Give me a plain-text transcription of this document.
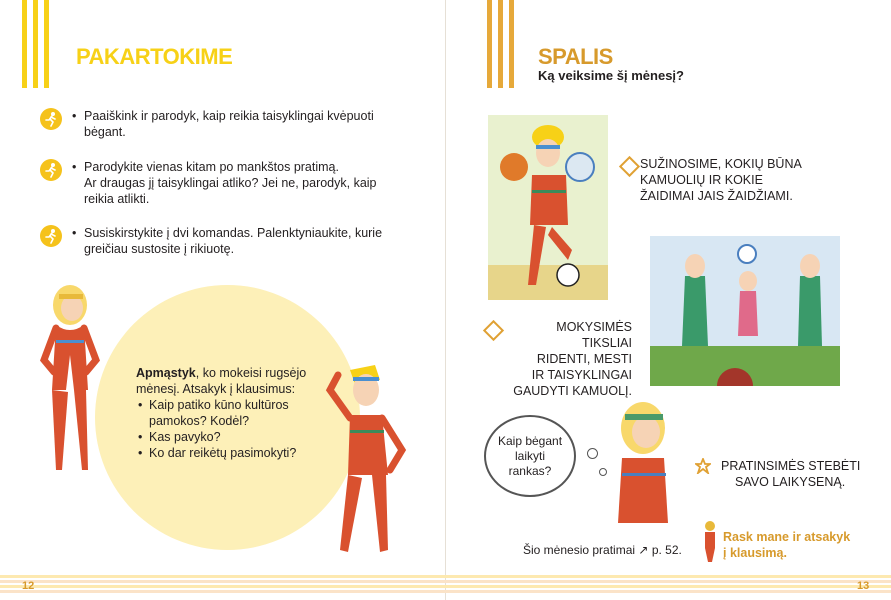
PAKARTOKIME
• Paaiškink ir parodyk, kaip reikia taisyklingai kvėpuoti
bėgant.
• Parodykite vienas kitam po mankštos pratimą.
Ar draugas jį taisyklingai atliko? Jei ne, parodyk, kaip
reikia atlikti.
• Susiskirstykite į dvi komandas. Palenktyniaukite, kurie
greičiau sustosite į rikiuotę.
Apmąstyk, ko mokeisi rugsėjo
mėnesį. Atsakyk į klausimus:
• Kaip patiko kūno kultūros pamokos? Kodėl?
• Kas pavyko?
• Ko dar reikėtų pasimokyti?
SPALIS
Ką veiksime šį mėnesį?
SUŽINOSIME, KOKIŲ BŪNA
KAMUOLIŲ IR KOKIE
ŽAIDIMAI JAIS ŽAIDŽIAMI.
MOKYSIMĖS TIKSLIAI
RIDENTI, MESTI
IR TAISYKLINGAI
GAUDYTI KAMUOLĮ.
Kaip bėgant
laikyti
rankas?	PRATINSIMĖS STEBĖTI
SAVO LAIKYSENĄ.
Šio mėnesio pratimai ↗ p. 52.
Rask mane ir atsakyk
į klausimą.
12	13
